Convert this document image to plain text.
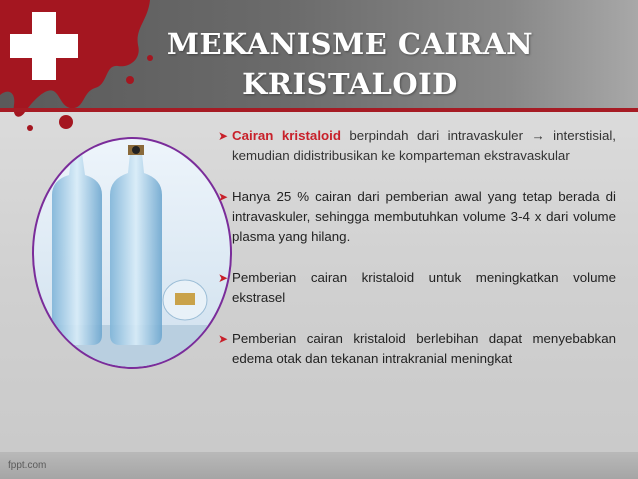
MEKANISME CAIRAN
KRISTALOID
➤ Cairan kristaloid berpindah dari intravaskuler → interstisial, kemudian didistribusikan ke komparteman ekstravaskular
➤ Hanya 25 % cairan dari pemberian awal yang tetap berada di intravaskuler, sehingga membutuhkan volume 3-4 x dari volume plasma yang hilang.
➤ Pemberian cairan kristaloid untuk meningkatkan volume ekstrasel
➤ Pemberian cairan kristaloid berlebihan dapat menyebabkan edema otak dan tekanan intrakranial meningkat
fppt.com
